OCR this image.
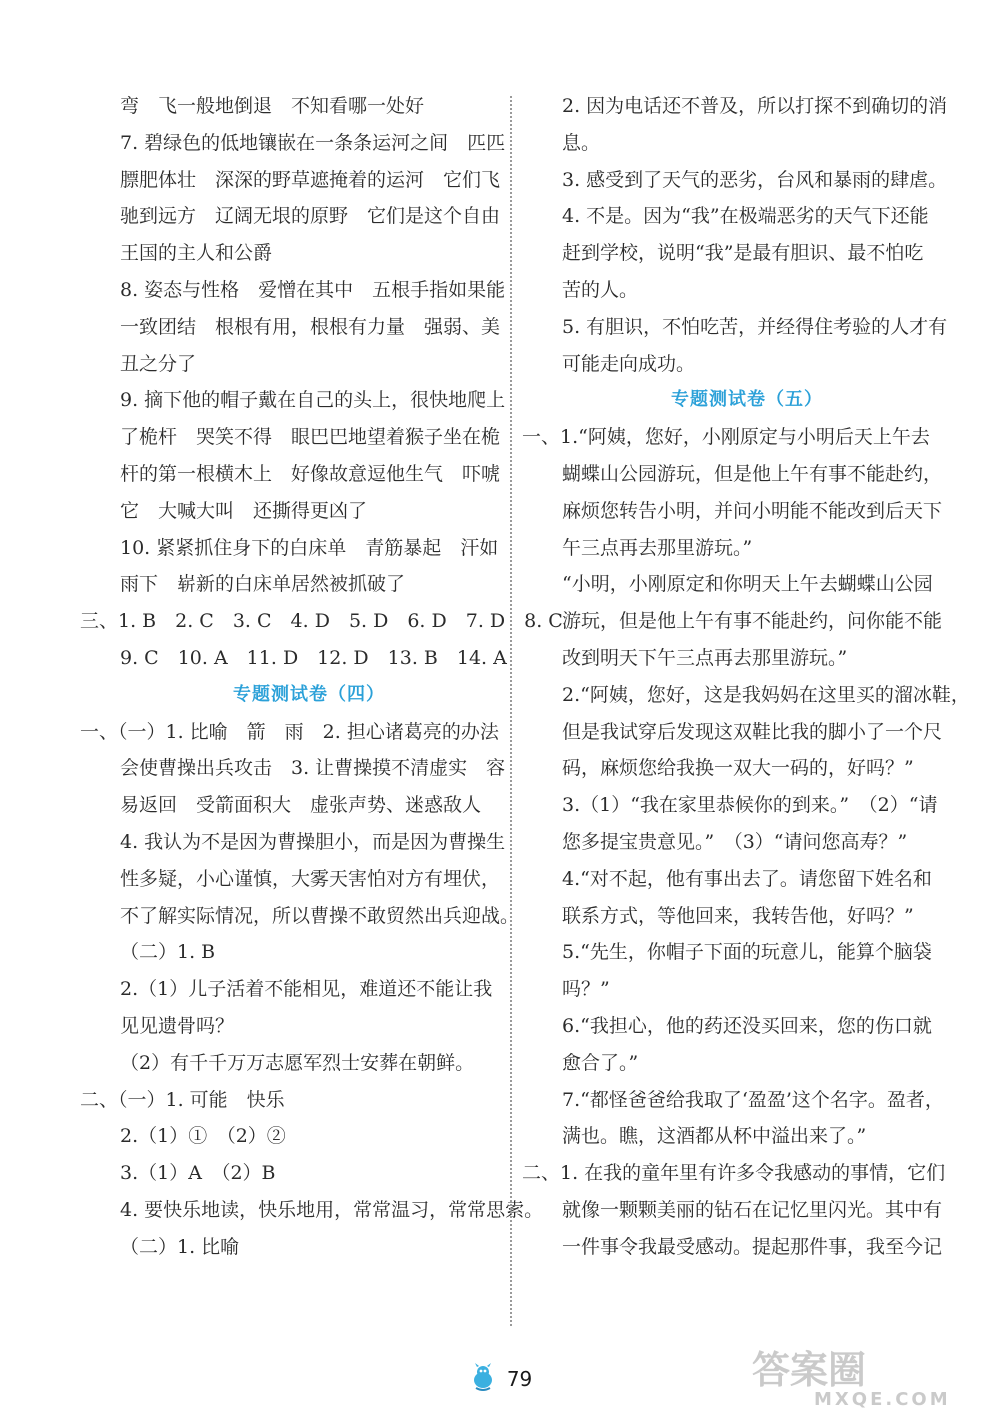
弯　飞一般地倒退　不知看哪一处好
7. 碧绿色的低地镶嵌在一条条运河之间　匹匹
膘肥体壮　深深的野草遮掩着的运河　它们飞
驰到远方　辽阔无垠的原野　它们是这个自由
王国的主人和公爵
8. 姿态与性格　爱憎在其中　五根手指如果能
一致团结　根根有用，根根有力量　强弱、美
丑之分了
9. 摘下他的帽子戴在自己的头上，很快地爬上
了桅杆　哭笑不得　眼巴巴地望着猴子坐在桅
杆的第一根横木上　好像故意逗他生气　吓唬
它　大喊大叫　还撕得更凶了
10. 紧紧抓住身下的白床单　青筋暴起　汗如
雨下　崭新的白床单居然被抓破了
三、1. B　2. C　3. C　4. D　5. D　6. D　7. D　8. C
9. C　10. A　11. D　12. D　13. B　14. A
专题测试卷（四）
一、（一）1. 比喻　箭　雨　2. 担心诸葛亮的办法
会使曹操出兵攻击　3. 让曹操摸不清虚实　容
易返回　受箭面积大　虚张声势、迷惑敌人
4. 我认为不是因为曹操胆小，而是因为曹操生
性多疑，小心谨慎，大雾天害怕对方有埋伏，
不了解实际情况，所以曹操不敢贸然出兵迎战。
（二）1. B
2.（1）儿子活着不能相见，难道还不能让我
见见遗骨吗？
（2）有千千万万志愿军烈士安葬在朝鲜。
二、（一）1. 可能　快乐
2.（1）①　（2）②
3.（1）A　（2）B
4. 要快乐地读，快乐地用，常常温习，常常思索。
（二）1. 比喻
2. 因为电话还不普及，所以打探不到确切的消
息。
3. 感受到了天气的恶劣，台风和暴雨的肆虐。
4. 不是。因为“我”在极端恶劣的天气下还能
赶到学校，说明“我”是最有胆识、最不怕吃
苦的人。
5. 有胆识，不怕吃苦，并经得住考验的人才有
可能走向成功。
专题测试卷（五）
一、1.“阿姨，您好，小刚原定与小明后天上午去
蝴蝶山公园游玩，但是他上午有事不能赴约，
麻烦您转告小明，并问小明能不能改到后天下
午三点再去那里游玩。”
“小明，小刚原定和你明天上午去蝴蝶山公园
游玩，但是他上午有事不能赴约，问你能不能
改到明天下午三点再去那里游玩。”
2.“阿姨，您好，这是我妈妈在这里买的溜冰鞋，
但是我试穿后发现这双鞋比我的脚小了一个尺
码，麻烦您给我换一双大一码的，好吗？”
3.（1）“我在家里恭候你的到来。”　（2）“请
您多提宝贵意见。”　（3）“请问您高寿？”
4.“对不起，他有事出去了。请您留下姓名和
联系方式，等他回来，我转告他，好吗？”
5.“先生，你帽子下面的玩意儿，能算个脑袋
吗？”
6.“我担心，他的药还没买回来，您的伤口就
愈合了。”
7.“都怪爸爸给我取了‘盈盈’这个名字。盈者，
满也。瞧，这酒都从杯中溢出来了。”
二、1. 在我的童年里有许多令我感动的事情，它们
就像一颗颗美丽的钻石在记忆里闪光。其中有
一件事令我最受感动。提起那件事，我至今记
79	答案圈
MXQE.COM
